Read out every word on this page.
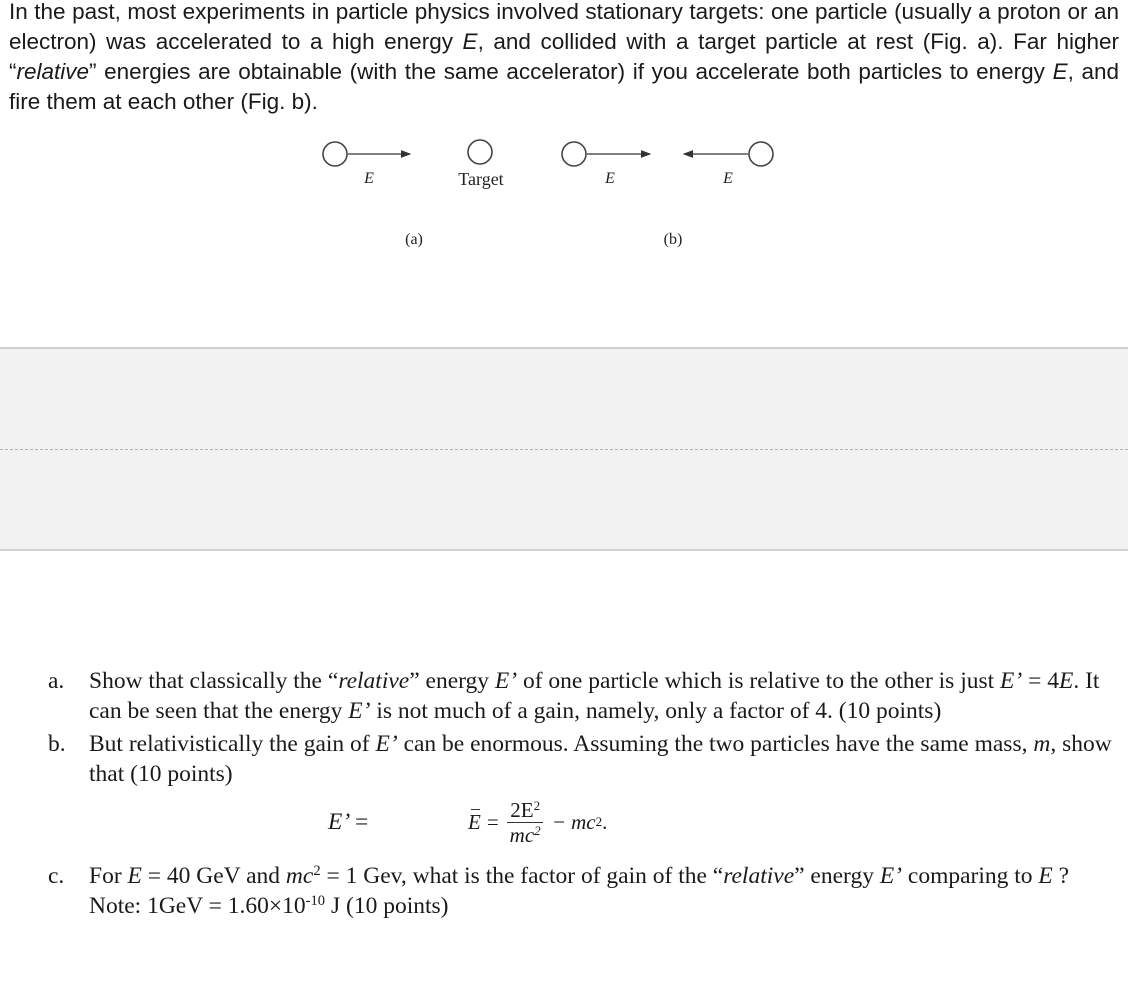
In the past, most experiments in particle physics involved stationary targets: one particle (usually a proton or an electron) was accelerated to a high energy E, and collided with a target particle at rest (Fig. a). Far higher “relative” energies are obtainable (with the same accelerator) if you accelerate both particles to energy E, and fire them at each other (Fig. b).

E	Target
(a)
E	E
(b)

a. Show that classically the “relative” energy E’ of one particle which is relative to the other is just E’ = 4E. It can be seen that the energy E’ is not much of a gain, namely, only a factor of 4. (10 points)

b. But relativistically the gain of E’ can be enormous. Assuming the two particles have the same mass, m, show that (10 points)

E’ =	$E = \frac{2E^2}{mc^2}$ − mc 2 .

c. For E = 40 GeV and $mc^2 = 1$ Gev, what is the factor of gain of the “relative” energy E’ comparing to E ? Note: $1GeV = 1.60\times 10^{-10}$ J (10 points)
